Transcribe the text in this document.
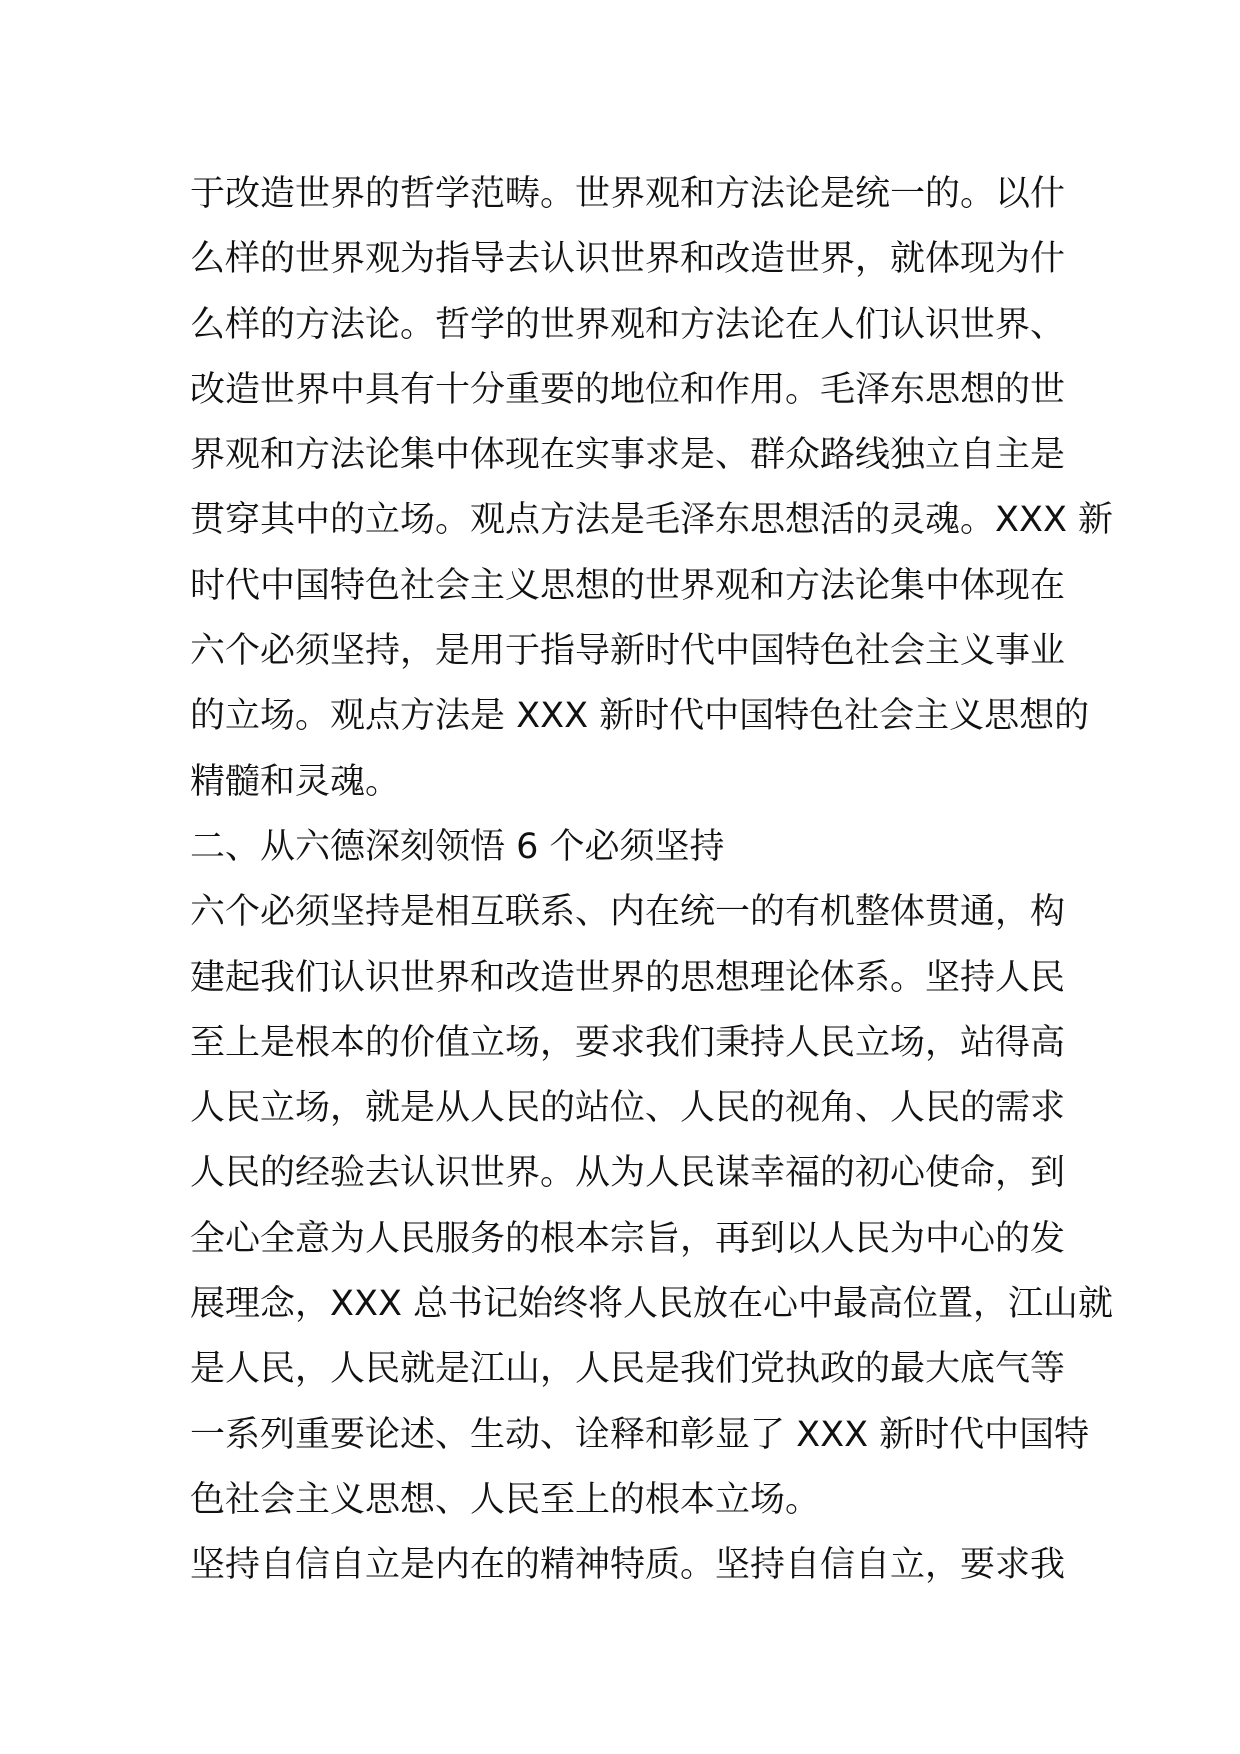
于改造世界的哲学范畴。世界观和方法论是统一的。以什
么样的世界观为指导去认识世界和改造世界，就体现为什
么样的方法论。哲学的世界观和方法论在人们认识世界、
改造世界中具有十分重要的地位和作用。毛泽东思想的世
界观和方法论集中体现在实事求是、群众路线独立自主是
贯穿其中的立场。观点方法是毛泽东思想活的灵魂。XXX 新
时代中国特色社会主义思想的世界观和方法论集中体现在
六个必须坚持，是用于指导新时代中国特色社会主义事业
的立场。观点方法是 XXX 新时代中国特色社会主义思想的
精髓和灵魂。
二、从六德深刻领悟 6 个必须坚持
六个必须坚持是相互联系、内在统一的有机整体贯通，构
建起我们认识世界和改造世界的思想理论体系。坚持人民
至上是根本的价值立场，要求我们秉持人民立场，站得高
人民立场，就是从人民的站位、人民的视角、人民的需求
人民的经验去认识世界。从为人民谋幸福的初心使命，到
全心全意为人民服务的根本宗旨，再到以人民为中心的发
展理念，XXX 总书记始终将人民放在心中最高位置，江山就
是人民，人民就是江山，人民是我们党执政的最大底气等
一系列重要论述、生动、诠释和彰显了 XXX 新时代中国特
色社会主义思想、人民至上的根本立场。
坚持自信自立是内在的精神特质。坚持自信自立，要求我
